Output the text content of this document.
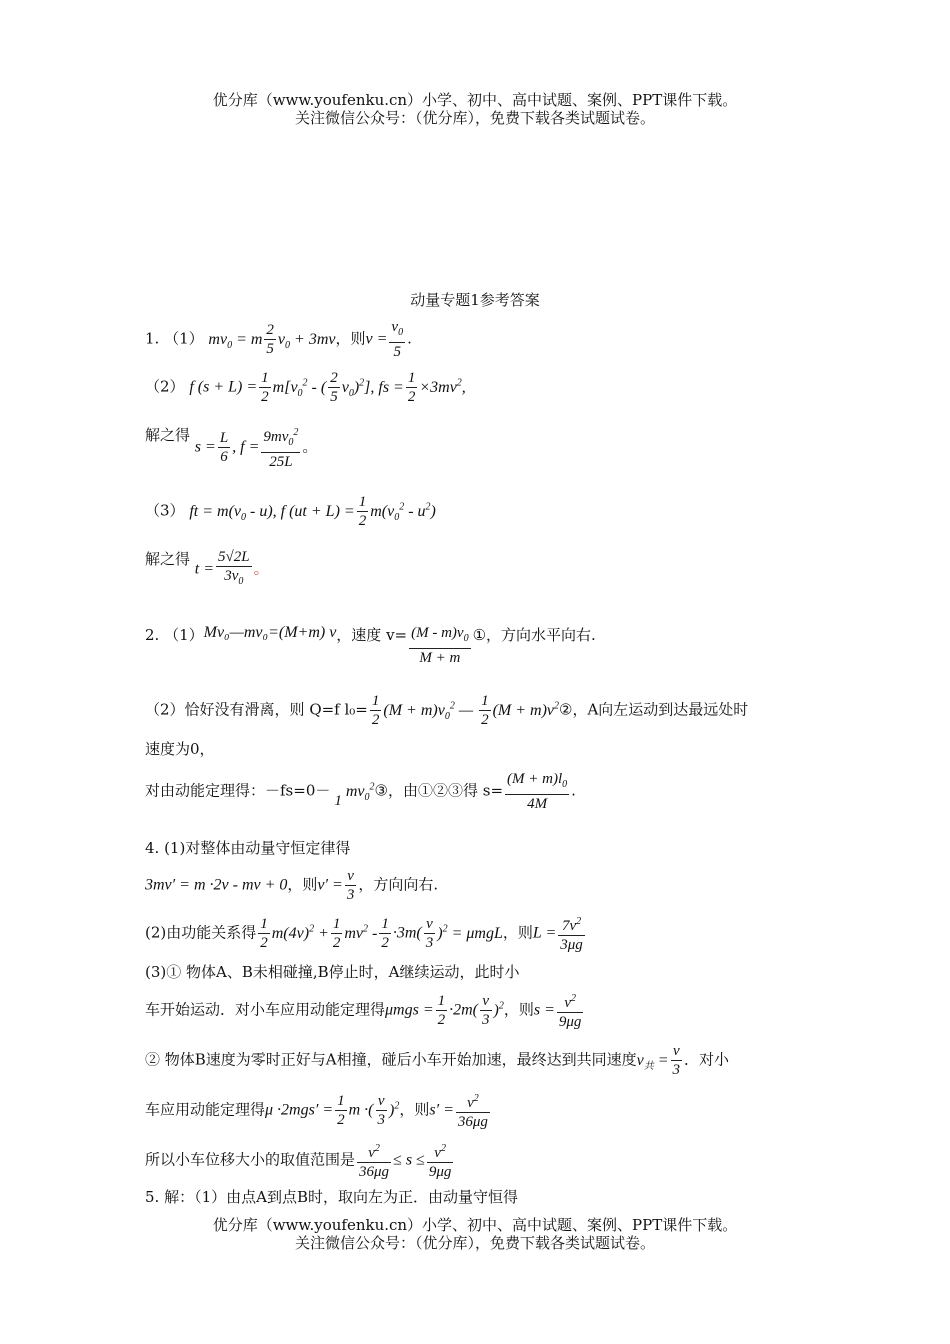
优分库（www.youfenku.cn）小学、初中、高中试题、案例、PPT课件下载。
关注微信公众号：（优分库），免费下载各类试题试卷。
动量专题1参考答案
1. （1） $mv_0 = m \frac{2}{5} v_0 + 3mv$，则$v = \frac{v_0}{5}$ .
（2） f $(s + L) = \frac{1}{2} m[v_0^2$ - ( $\frac{2}{5} v_0)^2$], fs = $\frac{1}{2} \times 3mv^2$,
解之得 $s = \frac{L}{6}$ , $f = \frac{9mv_0^2}{25L}$ 。
（3） ft = $m(v_0 - u)$, f $(ut + L) = \frac{1}{2} m(v_0^2 - u^2)$
解之得 $t = \frac{5√2L}{3v_0}$ 。
2. （1）Mv₀—mv₀=(M+m) v，速度 $v= \frac{(M - m)v_0}{M + m}$ ①，方向水平向右.
（2）恰好没有滑离，则 Q=f $l_0= \frac{1}{2} (M + m)v_0^2$ — $\frac{1}{2} (M$ + $m)v^2②$，A向左运动到达最远处时
速度为0，
对由动能定理得：－fs=0－

1
$mv_0^2③$，由①②③得 $s= \frac{(M + m)l_0}{4M}$ .
4. (1)对整体由动量守恒定律得
3mv′ = m ·2v - mv + 0，则$v' = \frac{v}{3}$ ，方向向右.
(2)由功能关系得 $\frac{1}{2} m(4v)^2 + \frac{1}{2} mv^2 - \frac{1}{2} \cdot 3m( \frac{v}{3} )^2 = \mu mgL$，则$L = \frac{7v^2}{3\mu g}$
(3)① 物体A、B未相碰撞,B停止时，A继续运动，此时小
车开始运动．对小车应用动能定理得$\mu mgs = \frac{1}{2} \cdot 2m( \frac{v}{3} )^2$，则$s = \frac{v^2}{9\mu g}$
② 物体B速度为零时正好与A相撞，碰后小车开始加速，最终达到共同速度$v_共 = \frac{v}{3}$ ．对小
车应用动能定理得$\mu \cdot 2mgs' = \frac{1}{2}$ m ·( $\frac{v}{3} )^2$，则$s' = \frac{v^2}{36\mu g}$
所以小车位移大小的取值范围是 $\frac{v^2}{36\mu g} \le s \le \frac{v^2}{9\mu g}$
5. 解：（1）由点A到点B时，取向左为正．由动量守恒得
优分库（www.youfenku.cn）小学、初中、高中试题、案例、PPT课件下载。
关注微信公众号：（优分库），免费下载各类试题试卷。
